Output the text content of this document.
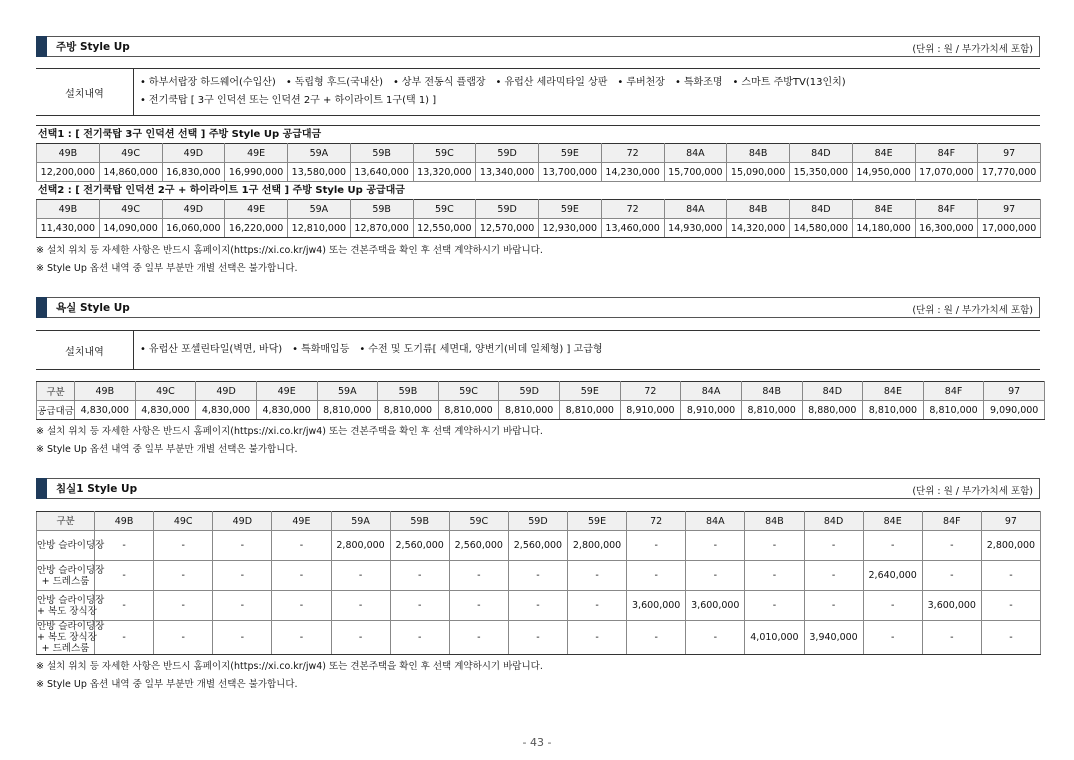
주방 Style Up	(단위 : 원 / 부가가치세 포함)
설치내역
• 하부서랍장 하드웨어(수입산) • 독립형 후드(국내산) • 상부 전동식 플랩장 • 유럽산 세라믹타일 상판 • 루버천장 • 특화조명 • 스마트 주방TV(13인치)
• 전기쿡탑 [ 3구 인덕션 또는 인덕션 2구 + 하이라이트 1구(택 1) ]
선택1 : [ 전기쿡탑 3구 인덕션 선택 ] 주방 Style Up 공급대금
49B	49C	49D	49E	59A	59B	59C	59D	59E	72	84A	84B	84D	84E	84F	97
12,200,000	14,860,000	16,830,000	16,990,000	13,580,000	13,640,000	13,320,000	13,340,000	13,700,000	14,230,000	15,700,000	15,090,000	15,350,000	14,950,000	17,070,000	17,770,000
선택2 : [ 전기쿡탑 인덕션 2구 + 하이라이트 1구 선택 ] 주방 Style Up 공급대금
49B	49C	49D	49E	59A	59B	59C	59D	59E	72	84A	84B	84D	84E	84F	97
11,430,000	14,090,000	16,060,000	16,220,000	12,810,000	12,870,000	12,550,000	12,570,000	12,930,000	13,460,000	14,930,000	14,320,000	14,580,000	14,180,000	16,300,000	17,000,000
※ 설치 위치 등 자세한 사항은 반드시 홈페이지(https://xi.co.kr/jw4) 또는 견본주택을 확인 후 선택 계약하시기 바랍니다.
※ Style Up 옵션 내역 중 일부 부분만 개별 선택은 불가합니다.
욕실 Style Up	(단위 : 원 / 부가가치세 포함)
설치내역	• 유럽산 포셀린타일(벽면, 바닥) • 특화매입등 • 수전 및 도기류[ 세면대, 양변기(비데 일체형) ] 고급형
구분	49B	49C	49D	49E	59A	59B	59C	59D	59E	72	84A	84B	84D	84E	84F	97

공급대금	4,830,000	4,830,000	4,830,000	4,830,000	8,810,000	8,810,000	8,810,000	8,810,000	8,810,000	8,910,000	8,910,000	8,810,000	8,880,000	8,810,000	8,810,000	9,090,000
※ 설치 위치 등 자세한 사항은 반드시 홈페이지(https://xi.co.kr/jw4) 또는 견본주택을 확인 후 선택 계약하시기 바랍니다.
※ Style Up 옵션 내역 중 일부 부분만 개별 선택은 불가합니다.
침실1 Style Up	(단위 : 원 / 부가가치세 포함)
구분	49B	49C	49D	49E	59A	59B	59C	59D	59E	72	84A	84B	84D	84E	84F	97

안방 슬라이딩장	-	-	-	-	2,800,000	2,560,000	2,560,000	2,560,000	2,800,000	-	-	-	-	-	-	2,800,000

안방 슬라이딩장
+ 드레스룸	-	-	-	-	-	-	-	-	-	-	-	-	-	2,640,000	-	-

안방 슬라이딩장
+ 복도 장식장	-	-	-	-	-	-	-	-	-	3,600,000	3,600,000	-	-	-	3,600,000	-

안방 슬라이딩장
+ 복도 장식장
+ 드레스룸	-	-	-	-	-	-	-	-	-	-	-	4,010,000	3,940,000	-	-	-
※ 설치 위치 등 자세한 사항은 반드시 홈페이지(https://xi.co.kr/jw4) 또는 견본주택을 확인 후 선택 계약하시기 바랍니다.
※ Style Up 옵션 내역 중 일부 부분만 개별 선택은 불가합니다.
- 43 -
